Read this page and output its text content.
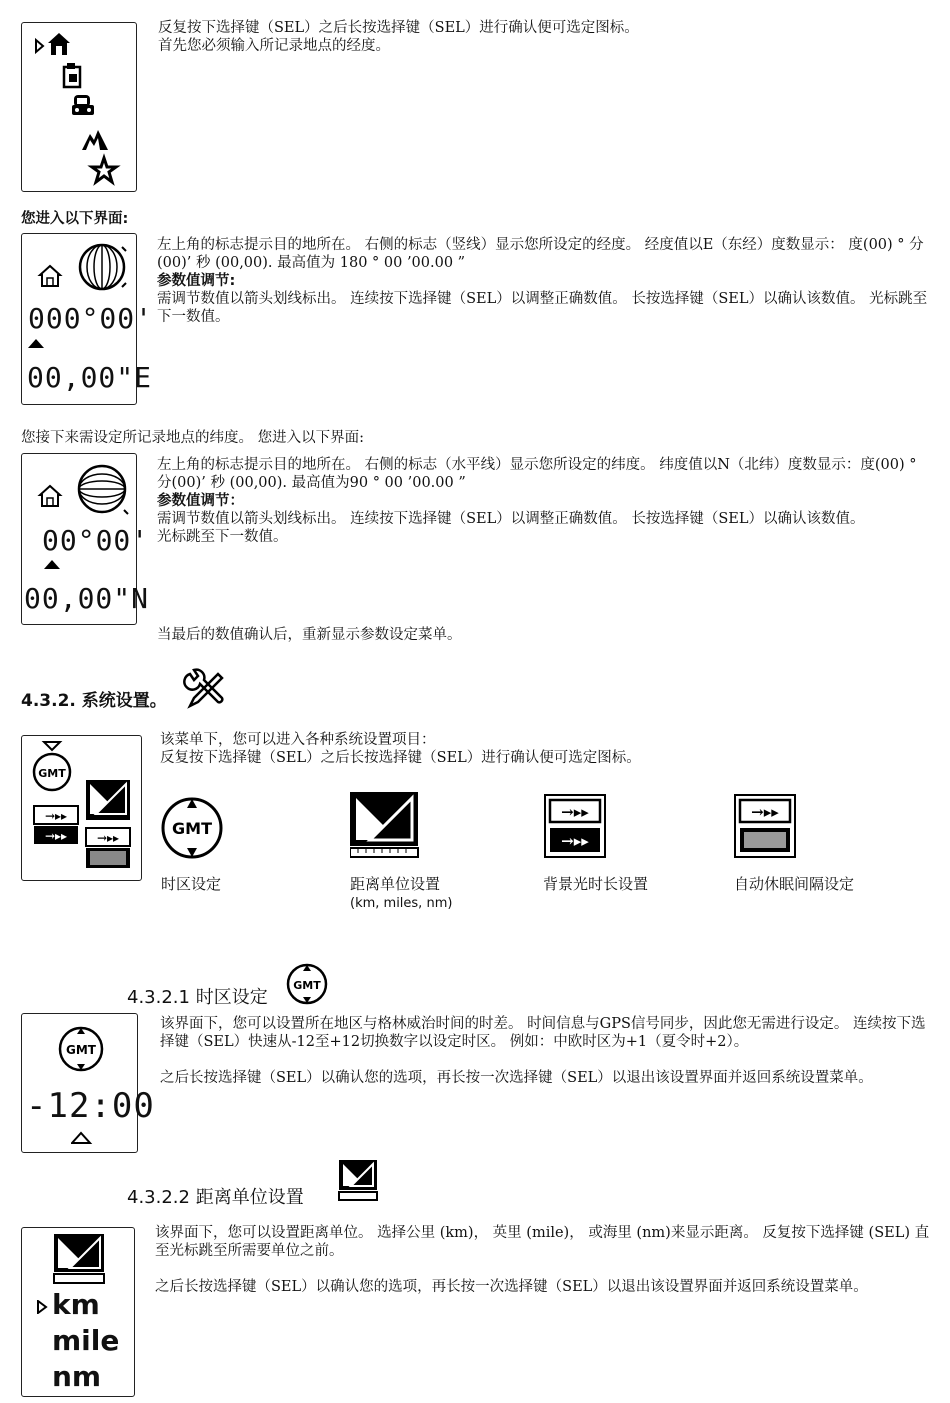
反复按下选择键（SEL）之后长按选择键（SEL）进行确认便可选定图标。

首先您必须输入所记录地点的经度。

您进入以下界面:
000°00'
00,00"E

左上角的标志提示目的地所在。 右侧的标志（竖线）显示您所设定的经度。 经度值以E（东经）度数显示： 度(00) ° 分(00)’ 秒 (00,00). 最高值为 180 ° 00 ’00.00 ”

参数值调节:

需调节数值以箭头划线标出。 连续按下选择键（SEL）以调整正确数值。 长按选择键（SEL）以确认该数值。 光标跳至下一数值。

您接下来需设定所记录地点的纬度。 您进入以下界面:
00°00'
00,00"N

左上角的标志提示目的地所在。 右侧的标志（水平线）显示您所设定的纬度。 纬度值以N（北纬）度数显示：度(00) ° 分(00)’ 秒 (00,00). 最高值为90 ° 00 ’00.00 ”

参数值调节：

需调节数值以箭头划线标出。 连续按下选择键（SEL）以调整正确数值。 长按选择键（SEL）以确认该数值。

光标跳至下一数值。

当最后的数值确认后，重新显示参数设定菜单。
4.3.2. 系统设置。
GMT
→▸▸
→▸▸ →▸▸

该菜单下，您可以进入各种系统设置项目：

反复按下选择键（SEL）之后长按选择键（SEL）进行确认便可选定图标。

GMT
→▸▸
→▸▸
→▸▸
时区设定	距离单位设置
(km, miles, nm)
背景光时长设置	自动休眠间隔设定
4.3.2.1 时区设定
GMT
GMT
-12:00

该界面下，您可以设置所在地区与格林威治时间的时差。 时间信息与GPS信号同步，因此您无需进行设定。 连续按下选择键（SEL）快速从-12至+12切换数字以设定时区。 例如：中欧时区为+1（夏令时+2）。

之后长按选择键（SEL）以确认您的选项，再长按一次选择键（SEL）以退出该设置界面并返回系统设置菜单。

4.3.2.2 距离单位设置
km
mile
nm

该界面下，您可以设置距离单位。 选择公里 (km)， 英里 (mile)， 或海里 (nm)来显示距离。 反复按下选择键 (SEL) 直至光标跳至所需要单位之前。

之后长按选择键（SEL）以确认您的选项，再长按一次选择键（SEL）以退出该设置界面并返回系统设置菜单。
